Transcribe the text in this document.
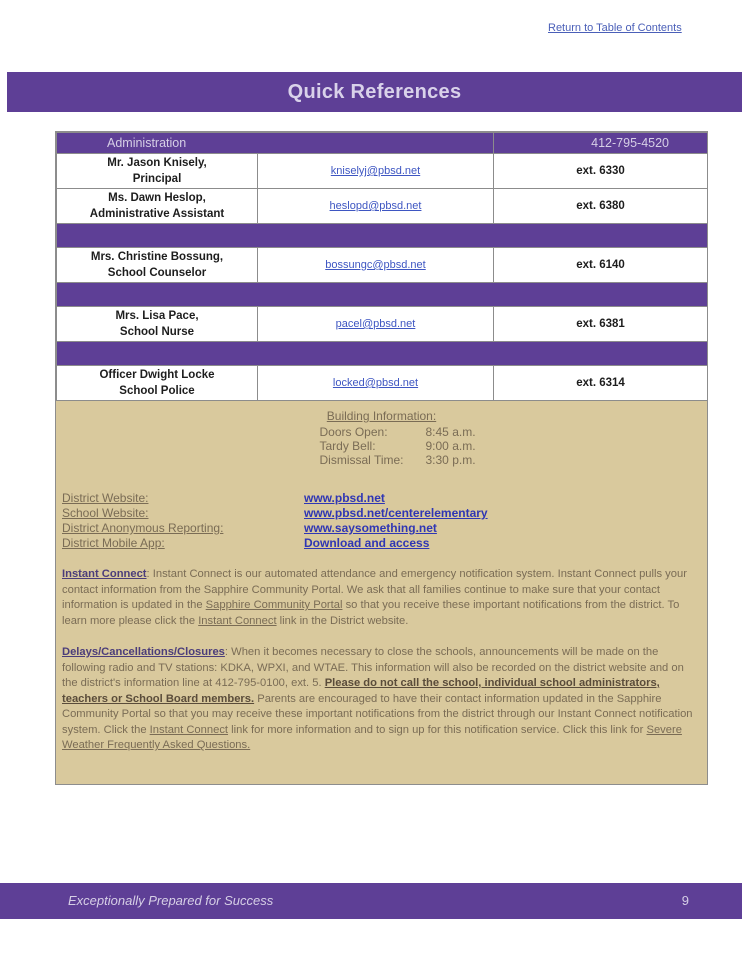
Return to Table of Contents
Quick References
Administration		412-795-4520
Mr. Jason Knisely,
Principal	kniselyj@pbsd.net	ext. 6330
Ms. Dawn Heslop,
Administrative Assistant	heslopd@pbsd.net	ext. 6380

Mrs. Christine Bossung,
School Counselor	bossungc@pbsd.net	ext. 6140

Mrs. Lisa Pace,
School Nurse	pacel@pbsd.net	ext. 6381

Officer Dwight Locke
School Police	locked@pbsd.net	ext. 6314
Building Information:
Doors Open:	8:45 a.m.
Tardy Bell:	9:00 a.m.
Dismissal Time:	3:30 p.m.
District Website:	www.pbsd.net
School Website:	www.pbsd.net/centerelementary
District Anonymous Reporting:	www.saysomething.net
District Mobile App:	Download and access
Instant Connect: Instant Connect is our automated attendance and emergency notification system. Instant Connect pulls your contact information from the Sapphire Community Portal. We ask that all families continue to make sure that your contact information is updated in the Sapphire Community Portal so that you receive these important notifications from the district. To learn more please click the Instant Connect link in the District website.
Delays/Cancellations/Closures: When it becomes necessary to close the schools, announcements will be made on the following radio and TV stations: KDKA, WPXI, and WTAE. This information will also be recorded on the district website and on the district's information line at 412-795-0100, ext. 5. Please do not call the school, individual school administrators, teachers or School Board members. Parents are encouraged to have their contact information updated in the Sapphire Community Portal so that you may receive these important notifications from the district through our Instant Connect notification system. Click the Instant Connect link for more information and to sign up for this notification service. Click this link for Severe Weather Frequently Asked Questions.
Exceptionally Prepared for Success	9
